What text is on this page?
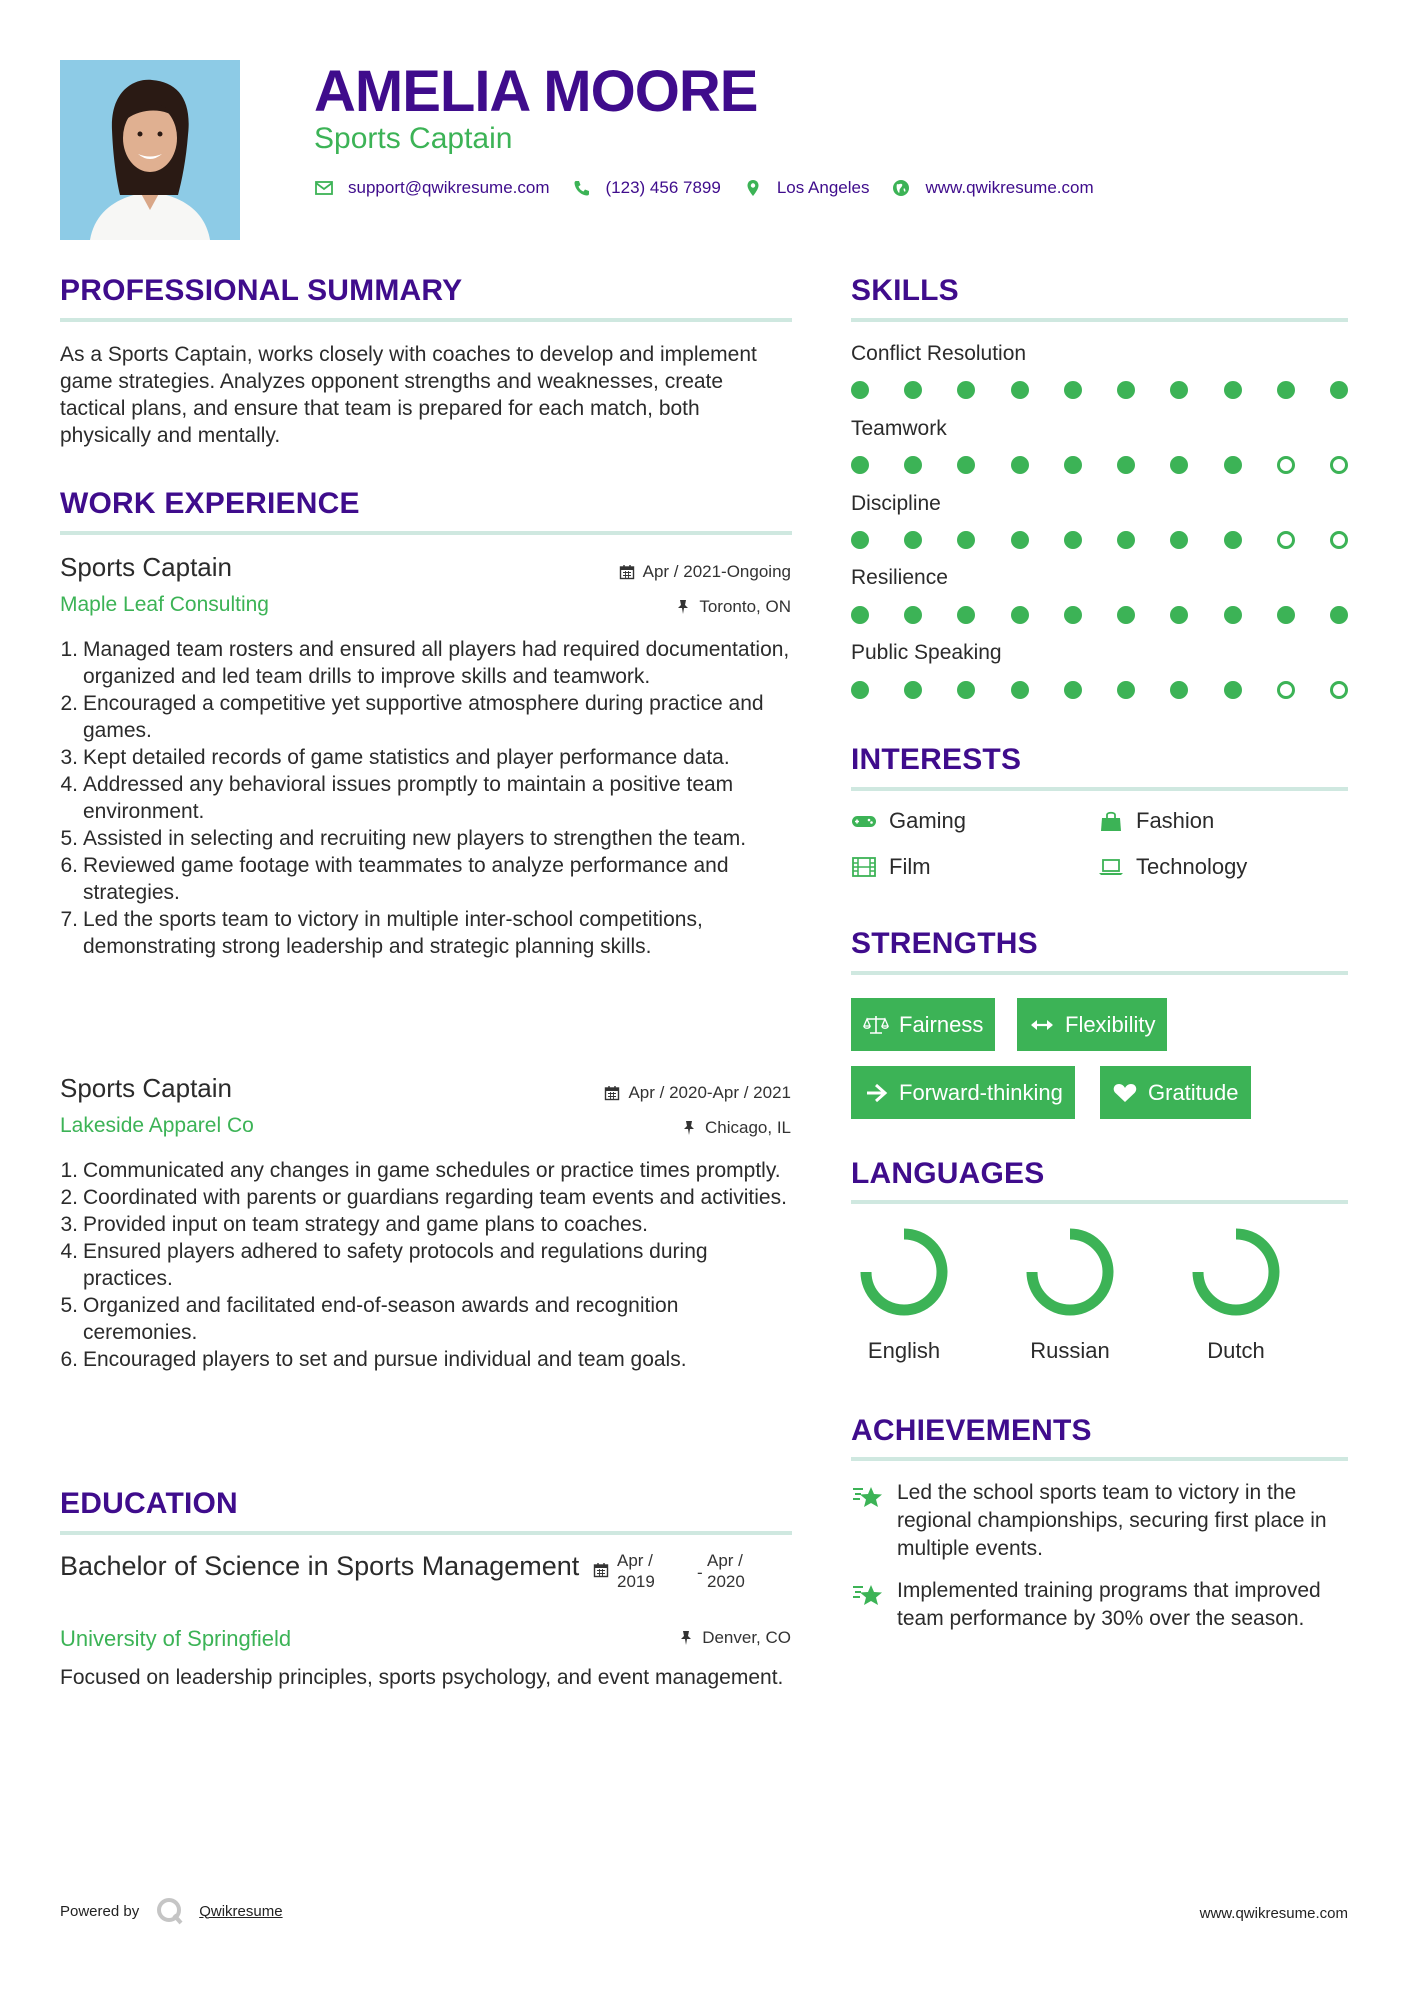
AMELIA MOORE
Sports Captain
support@qwikresume.com	(123) 456 7899	Los Angeles	www.qwikresume.com
PROFESSIONAL SUMMARY
As a Sports Captain, works closely with coaches to develop and implement game strategies. Analyzes opponent strengths and weaknesses, create tactical plans, and ensure that team is prepared for each match, both physically and mentally.
WORK EXPERIENCE
Sports Captain	Apr / 2021-Ongoing
Maple Leaf Consulting	Toronto, ON
1. Managed team rosters and ensured all players had required documentation, organized and led team drills to improve skills and teamwork.
2. Encouraged a competitive yet supportive atmosphere during practice and games.
3. Kept detailed records of game statistics and player performance data.
4. Addressed any behavioral issues promptly to maintain a positive team environment.
5. Assisted in selecting and recruiting new players to strengthen the team.
6. Reviewed game footage with teammates to analyze performance and strategies.
7. Led the sports team to victory in multiple inter-school competitions, demonstrating strong leadership and strategic planning skills.
Sports Captain	Apr / 2020-Apr / 2021
Lakeside Apparel Co	Chicago, IL
1. Communicated any changes in game schedules or practice times promptly.
2. Coordinated with parents or guardians regarding team events and activities.
3. Provided input on team strategy and game plans to coaches.
4. Ensured players adhered to safety protocols and regulations during practices.
5. Organized and facilitated end-of-season awards and recognition ceremonies.
6. Encouraged players to set and pursue individual and team goals.
EDUCATION
Bachelor of Science in Sports Management Apr /
2019	-
Apr /
2020
University of Springfield	Denver, CO
Focused on leadership principles, sports psychology, and event management.
SKILLS
Conflict Resolution
Teamwork
Discipline
Resilience
Public Speaking
INTERESTS
Gaming	Fashion
Film	Technology
STRENGTHS
Fairness	Flexibility
Forward-thinking	Gratitude
LANGUAGES
English	Russian	Dutch
ACHIEVEMENTS
Led the school sports team to victory in the regional championships, securing first place in multiple events.
Implemented training programs that improved team performance by 30% over the season.
Powered by	Qwikresume	www.qwikresume.com
